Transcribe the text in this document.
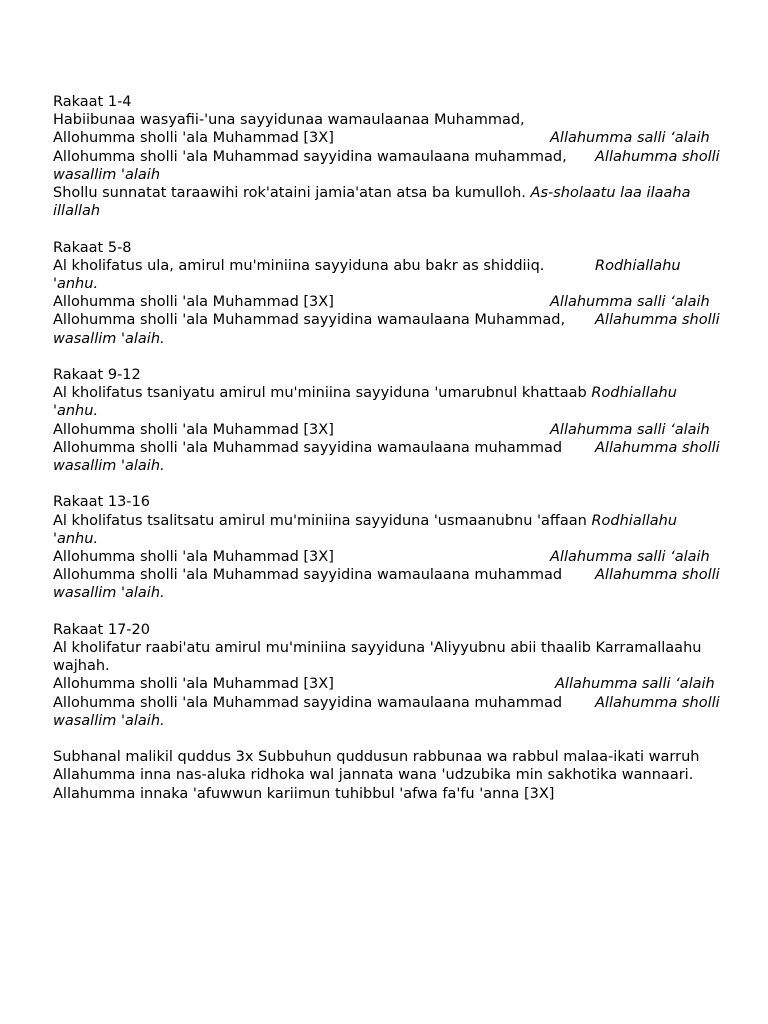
Rakaat 1-4
Habiibunaa wasyafii-'una sayyidunaa wamaulaanaa Muhammad,
Allohumma sholli 'ala Muhammad [3X]	Allahumma salli ‘alaih
Allohumma sholli 'ala Muhammad sayyidina wamaulaana muhammad,	Allahumma sholli
wasallim 'alaih
Shollu sunnatat taraawihi rok'ataini jamia'atan atsa ba kumulloh. As-sholaatu laa ilaaha
illallah
Rakaat 5-8
Al kholifatus ula, amirul mu'miniina sayyiduna abu bakr as shiddiiq.	Rodhiallahu
'anhu.
Allohumma sholli 'ala Muhammad [3X]	Allahumma salli ‘alaih
Allohumma sholli 'ala Muhammad sayyidina wamaulaana Muhammad,	Allahumma sholli
wasallim 'alaih.
Rakaat 9-12
Al kholifatus tsaniyatu amirul mu'miniina sayyiduna 'umarubnul khattaab Rodhiallahu
'anhu.
Allohumma sholli 'ala Muhammad [3X]	Allahumma salli ‘alaih
Allohumma sholli 'ala Muhammad sayyidina wamaulaana muhammad	Allahumma sholli
wasallim 'alaih.
Rakaat 13-16
Al kholifatus tsalitsatu amirul mu'miniina sayyiduna 'usmaanubnu 'affaan Rodhiallahu
'anhu.
Allohumma sholli 'ala Muhammad [3X]	Allahumma salli ‘alaih
Allohumma sholli 'ala Muhammad sayyidina wamaulaana muhammad	Allahumma sholli
wasallim 'alaih.
Rakaat 17-20
Al kholifatur raabi'atu amirul mu'miniina sayyiduna 'Aliyyubnu abii thaalib Karramallaahu
wajhah.
Allohumma sholli 'ala Muhammad [3X]	Allahumma salli ‘alaih
Allohumma sholli 'ala Muhammad sayyidina wamaulaana muhammad	Allahumma sholli
wasallim 'alaih.
Subhanal malikil quddus 3x Subbuhun quddusun rabbunaa wa rabbul malaa-ikati warruh
Allahumma inna nas-aluka ridhoka wal jannata wana 'udzubika min sakhotika wannaari.
Allahumma innaka 'afuwwun kariimun tuhibbul 'afwa fa'fu 'anna [3X]
